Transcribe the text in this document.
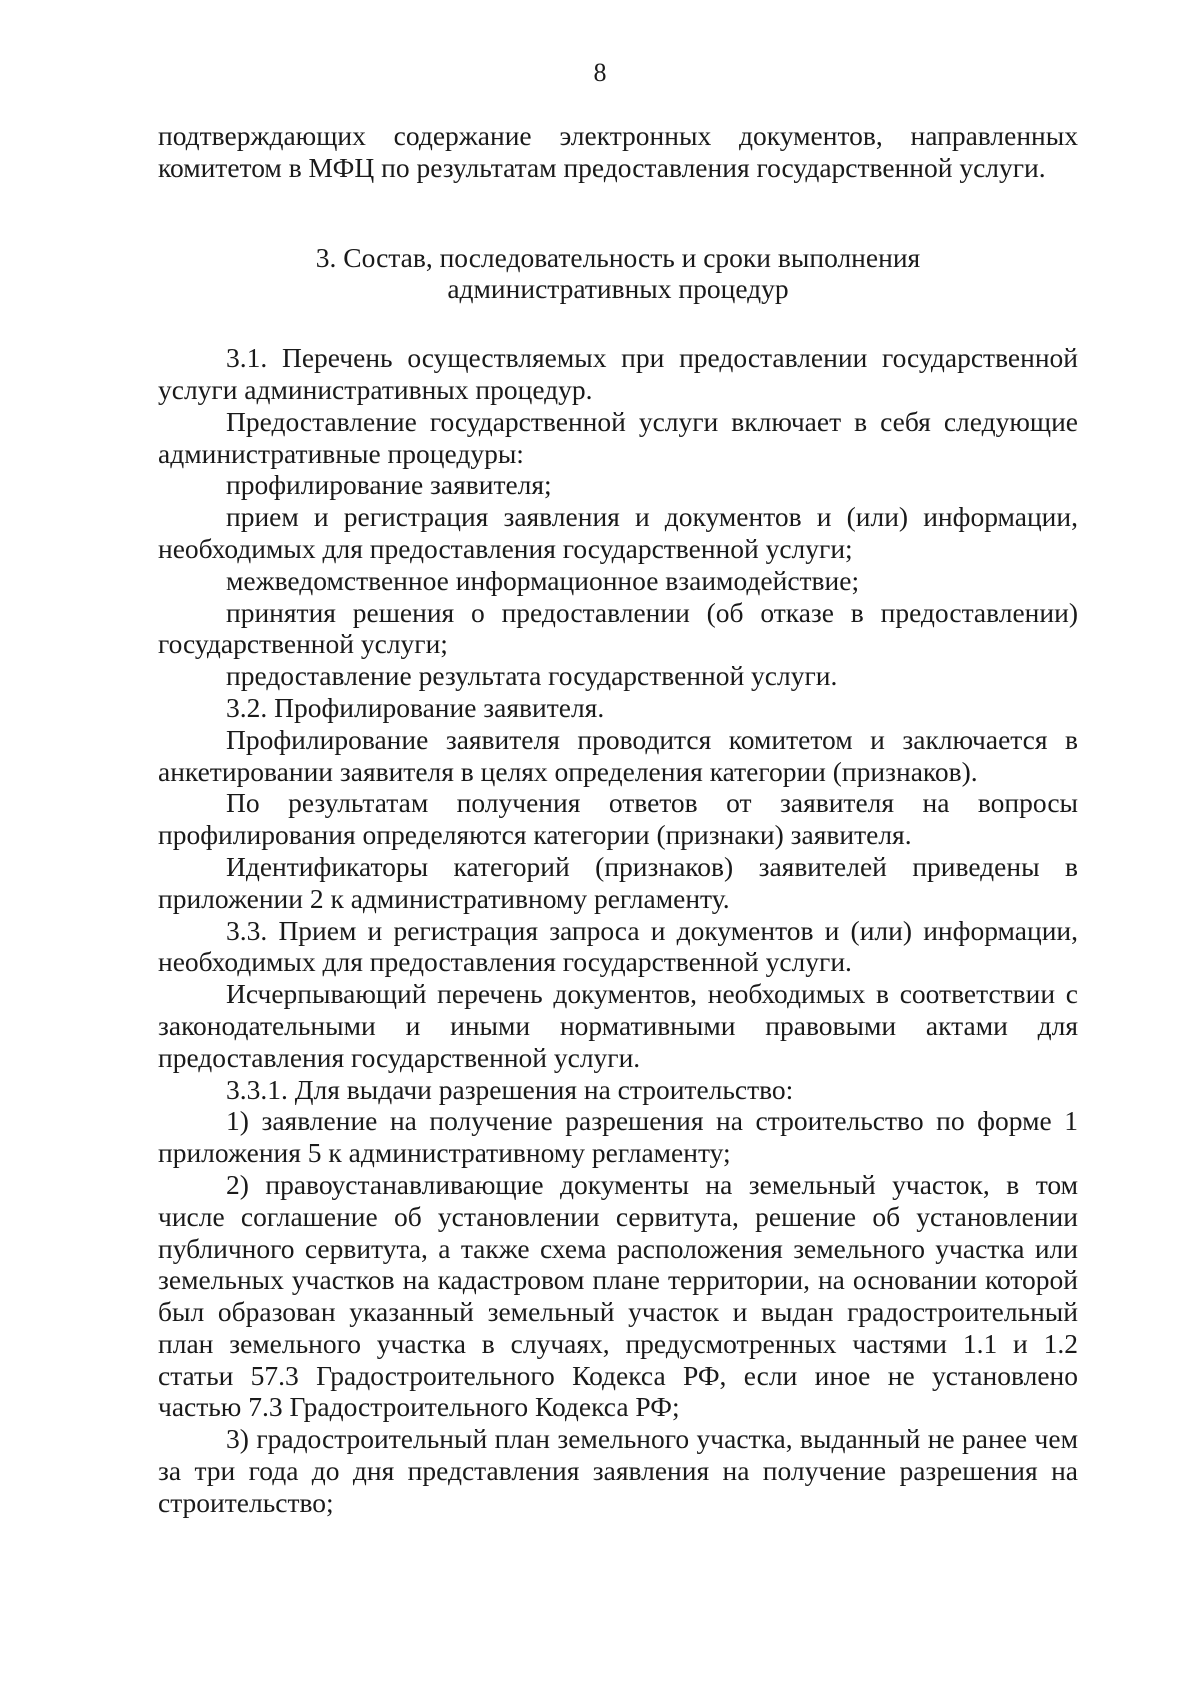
8

подтверждающих содержание электронных документов, направленных комитетом в МФЦ по результатам предоставления государственной услуги.

3. Состав, последовательность и сроки выполнения
административных процедур

3.1. Перечень осуществляемых при предоставлении государственной услуги административных процедур.

Предоставление государственной услуги включает в себя следующие административные процедуры:

профилирование заявителя;

прием и регистрация заявления и документов и (или) информации, необходимых для предоставления государственной услуги;

межведомственное информационное взаимодействие;

принятия решения о предоставлении (об отказе в предоставлении) государственной услуги;

предоставление результата государственной услуги.

3.2. Профилирование заявителя.

Профилирование заявителя проводится комитетом и заключается в анкетировании заявителя в целях определения категории (признаков).

По результатам получения ответов от заявителя на вопросы профилирования определяются категории (признаки) заявителя.

Идентификаторы категорий (признаков) заявителей приведены в приложении 2 к административному регламенту.

3.3. Прием и регистрация запроса и документов и (или) информации, необходимых для предоставления государственной услуги.

Исчерпывающий перечень документов, необходимых в соответствии с законодательными и иными нормативными правовыми актами для предоставления государственной услуги.

3.3.1. Для выдачи разрешения на строительство:

1) заявление на получение разрешения на строительство по форме 1 приложения 5 к административному регламенту;

2) правоустанавливающие документы на земельный участок, в том числе соглашение об установлении сервитута, решение об установлении публичного сервитута, а также схема расположения земельного участка или земельных участков на кадастровом плане территории, на основании которой был образован указанный земельный участок и выдан градостроительный план земельного участка в случаях, предусмотренных частями 1.1 и 1.2 статьи 57.3 Градостроительного Кодекса РФ, если иное не установлено частью 7.3 Градостроительного Кодекса РФ;

3) градостроительный план земельного участка, выданный не ранее чем за три года до дня представления заявления на получение разрешения на строительство;
